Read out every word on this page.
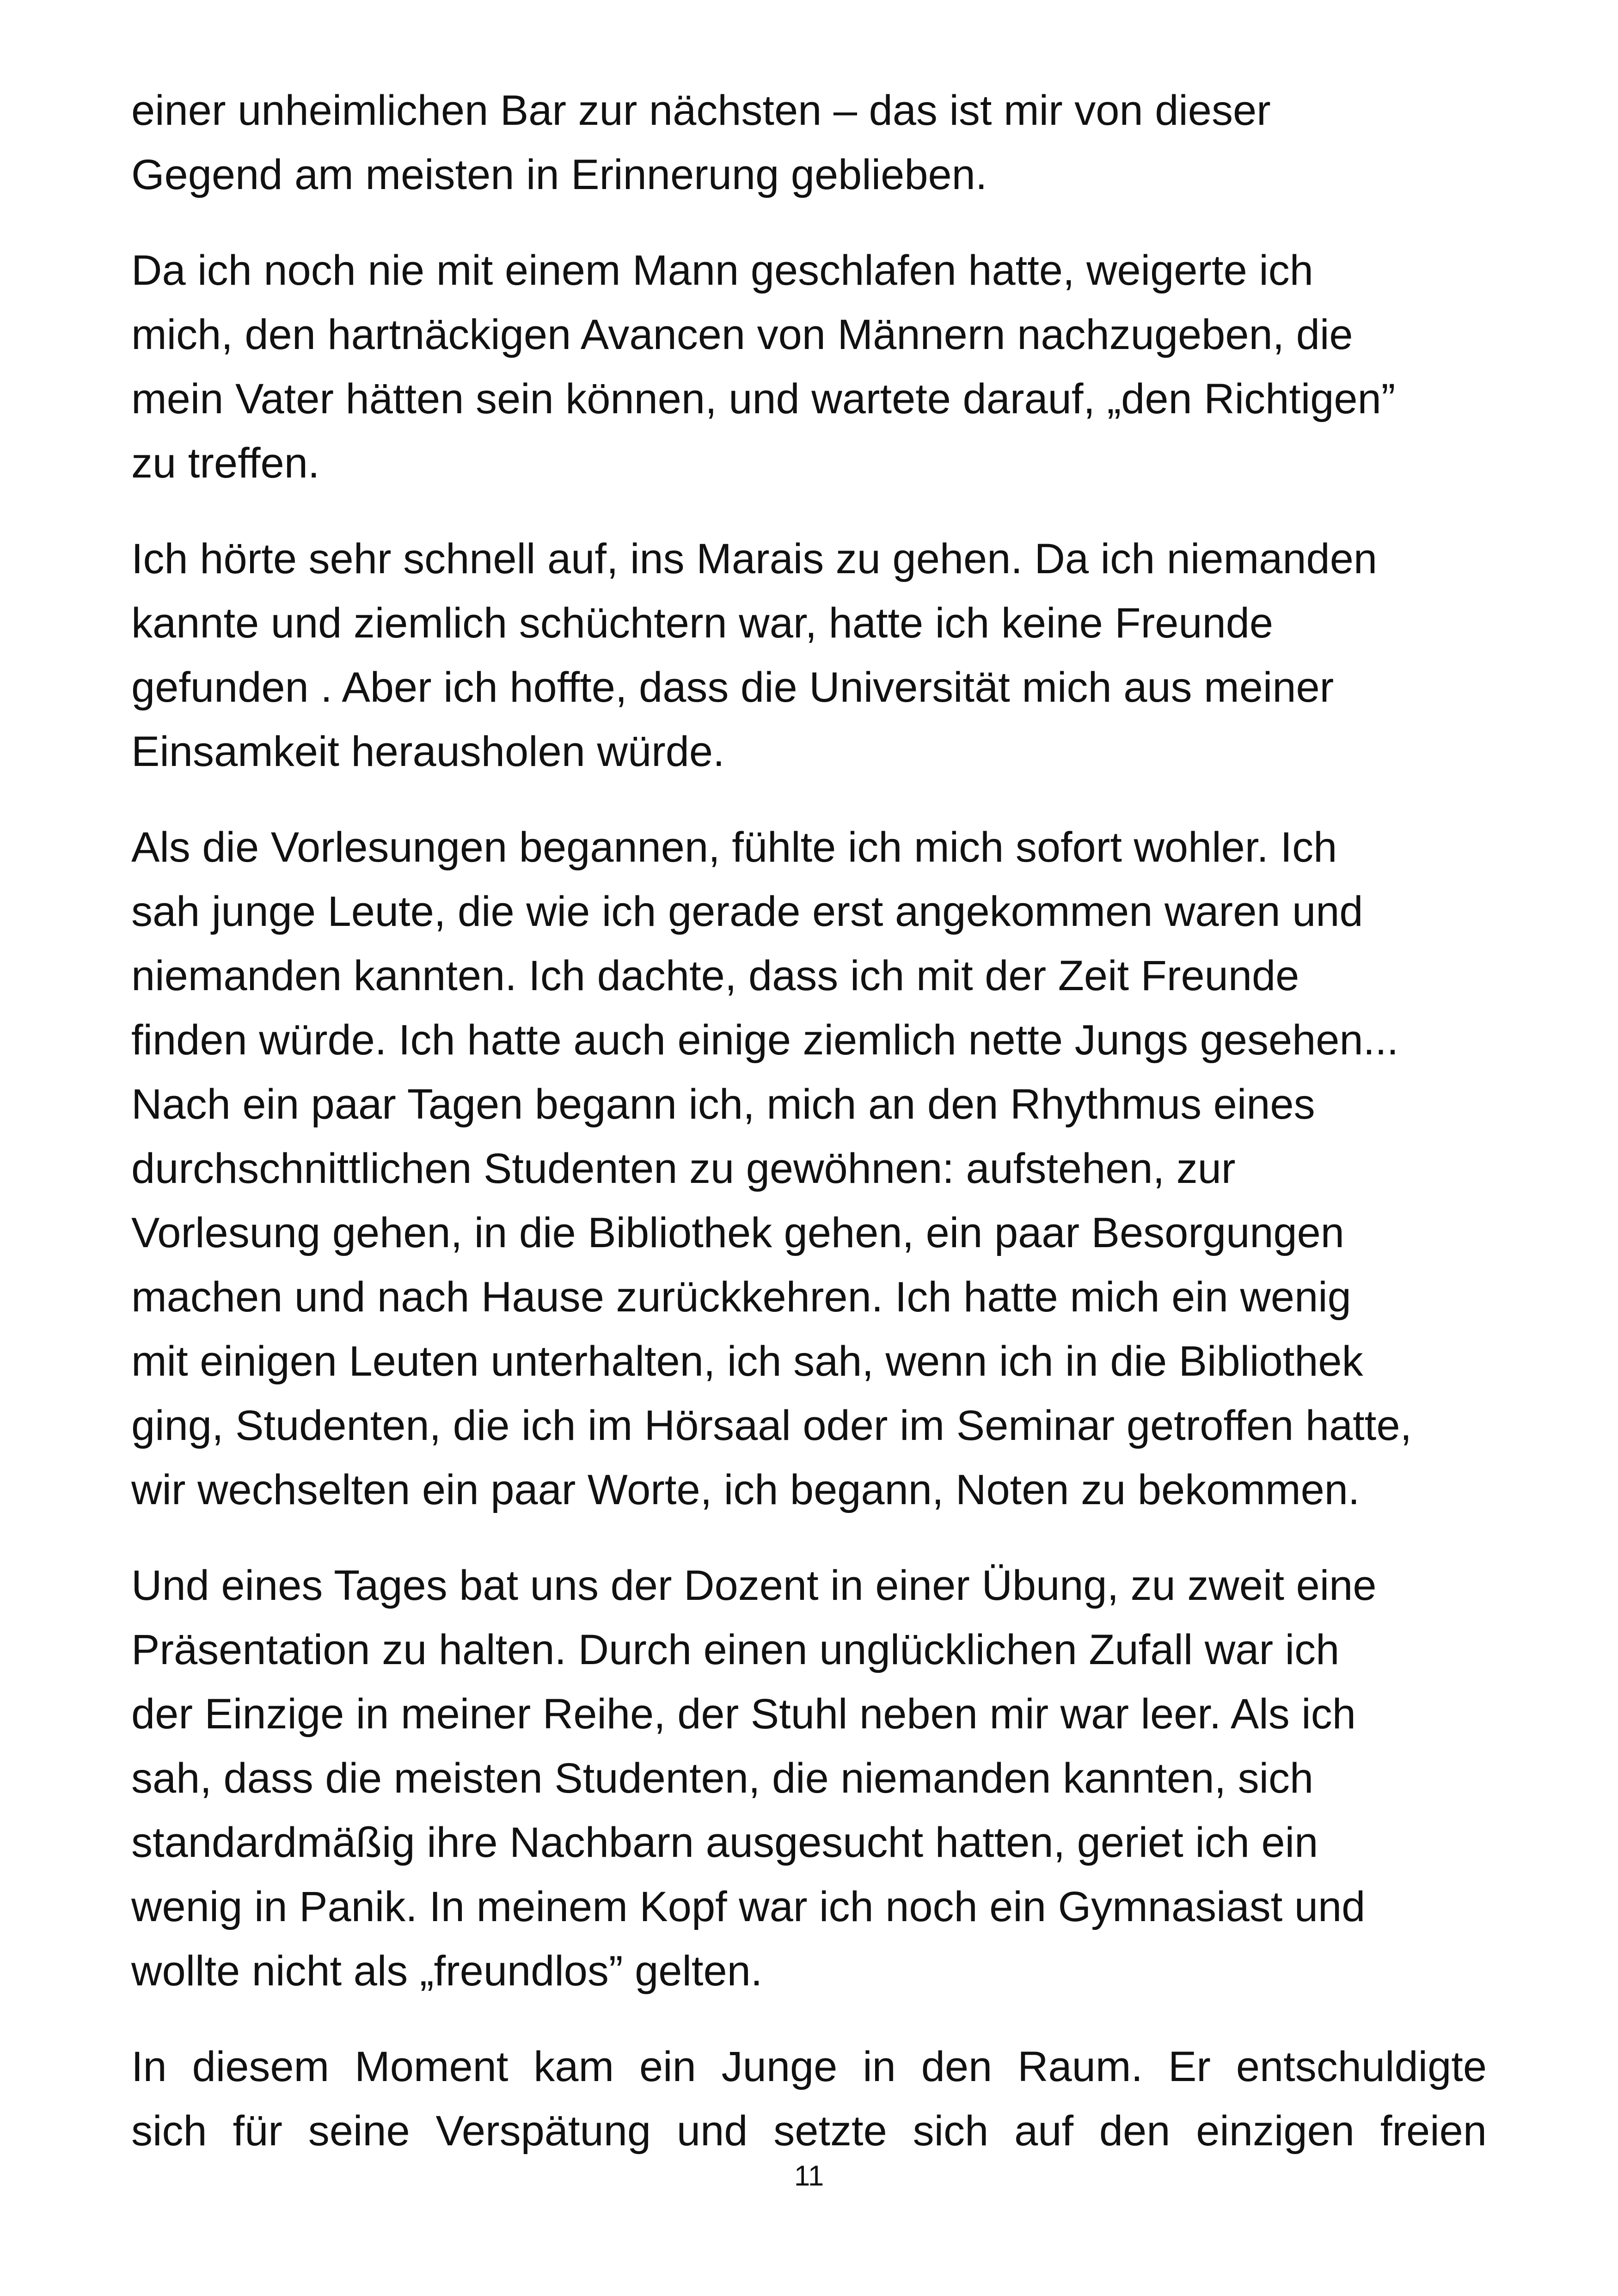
einer unheimlichen Bar zur nächsten – das ist mir von dieser
Gegend am meisten in Erinnerung geblieben.

Da ich noch nie mit einem Mann geschlafen hatte, weigerte ich
mich, den hartnäckigen Avancen von Männern nachzugeben, die
mein Vater hätten sein können, und wartete darauf, „den Richtigen”
zu treffen.

Ich hörte sehr schnell auf, ins Marais zu gehen. Da ich niemanden
kannte und ziemlich schüchtern war, hatte ich keine Freunde
gefunden . Aber ich hoffte, dass die Universität mich aus meiner
Einsamkeit herausholen würde.

Als die Vorlesungen begannen, fühlte ich mich sofort wohler. Ich
sah junge Leute, die wie ich gerade erst angekommen waren und
niemanden kannten. Ich dachte, dass ich mit der Zeit Freunde
finden würde. Ich hatte auch einige ziemlich nette Jungs gesehen...
Nach ein paar Tagen begann ich, mich an den Rhythmus eines
durchschnittlichen Studenten zu gewöhnen: aufstehen, zur
Vorlesung gehen, in die Bibliothek gehen, ein paar Besorgungen
machen und nach Hause zurückkehren. Ich hatte mich ein wenig
mit einigen Leuten unterhalten, ich sah, wenn ich in die Bibliothek
ging, Studenten, die ich im Hörsaal oder im Seminar getroffen hatte,
wir wechselten ein paar Worte, ich begann, Noten zu bekommen.

Und eines Tages bat uns der Dozent in einer Übung, zu zweit eine
Präsentation zu halten. Durch einen unglücklichen Zufall war ich
der Einzige in meiner Reihe, der Stuhl neben mir war leer. Als ich
sah, dass die meisten Studenten, die niemanden kannten, sich
standardmäßig ihre Nachbarn ausgesucht hatten, geriet ich ein
wenig in Panik. In meinem Kopf war ich noch ein Gymnasiast und
wollte nicht als „freundlos” gelten.

In diesem Moment kam ein Junge in den Raum. Er entschuldigte
sich für seine Verspätung und setzte sich auf den einzigen freien

11
